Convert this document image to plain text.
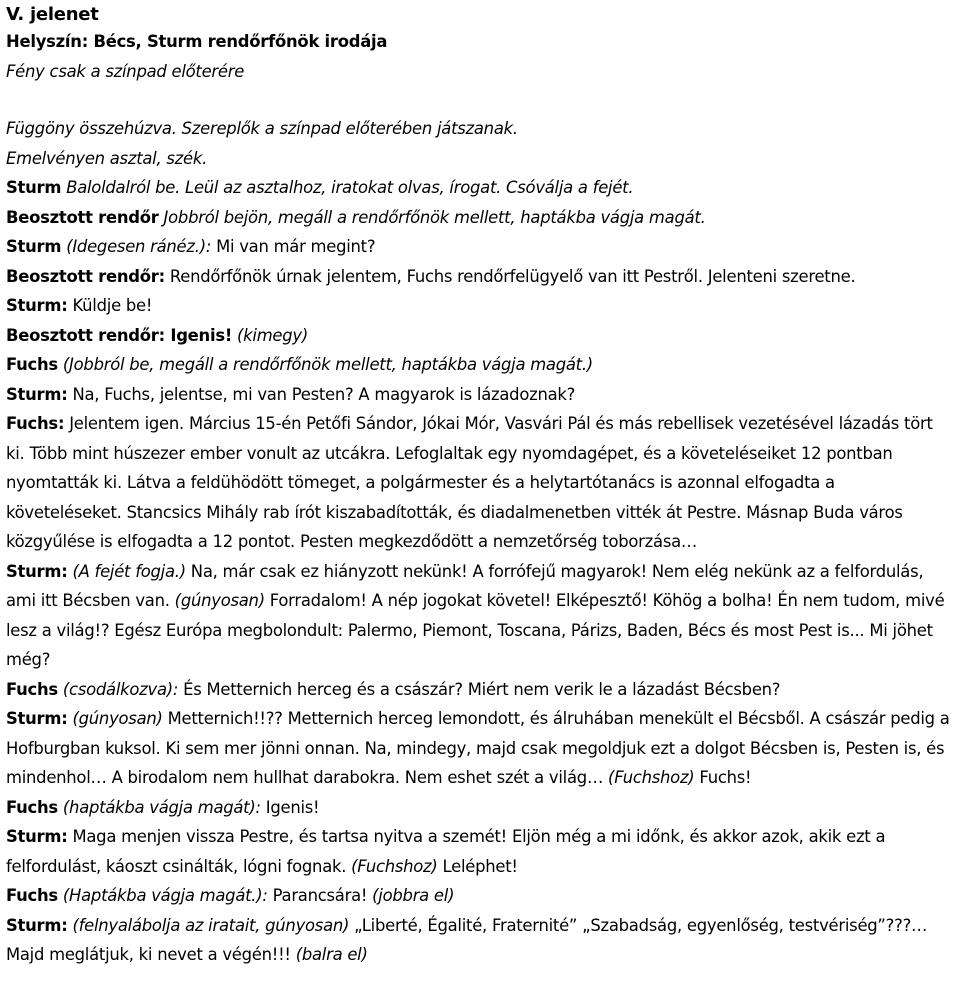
V. jelenet
Helyszín: Bécs, Sturm rendőrfőnök irodája
Fény csak a színpad előterére
Függöny összehúzva. Szereplők a színpad előterében játszanak.
Emelvényen asztal, szék.
Sturm Baloldalról be. Leül az asztalhoz, iratokat olvas, írogat. Csóválja a fejét.
Beosztott rendőr Jobbról bejön, megáll a rendőrfőnök mellett, haptákba vágja magát.
Sturm (Idegesen ránéz.): Mi van már megint?
Beosztott rendőr: Rendőrfőnök úrnak jelentem, Fuchs rendőrfelügyelő van itt Pestről. Jelenteni szeretne.
Sturm: Küldje be!
Beosztott rendőr: Igenis! (kimegy)
Fuchs (Jobbról be, megáll a rendőrfőnök mellett, haptákba vágja magát.)
Sturm: Na, Fuchs, jelentse, mi van Pesten? A magyarok is lázadoznak?
Fuchs: Jelentem igen. Március 15-én Petőfi Sándor, Jókai Mór, Vasvári Pál és más rebellisek vezetésével lázadás tört ki. Több mint húszezer ember vonult az utcákra. Lefoglaltak egy nyomdagépet, és a követeléseiket 12 pontban nyomtatták ki. Látva a feldühödött tömeget, a polgármester és a helytartótanács is azonnal elfogadta a követeléseket. Stancsics Mihály rab írót kiszabadították, és diadalmenetben vitték át Pestre. Másnap Buda város közgyűlése is elfogadta a 12 pontot. Pesten megkezdődött a nemzetőrség toborzása…
Sturm: (A fejét fogja.) Na, már csak ez hiányzott nekünk! A forrófejű magyarok! Nem elég nekünk az a felfordulás, ami itt Bécsben van. (gúnyosan) Forradalom! A nép jogokat követel! Elképesztő! Köhög a bolha! Én nem tudom, mivé lesz a világ!? Egész Európa megbolondult: Palermo, Piemont, Toscana, Párizs, Baden, Bécs és most Pest is... Mi jöhet még?
Fuchs (csodálkozva): És Metternich herceg és a császár? Miért nem verik le a lázadást Bécsben?
Sturm: (gúnyosan) Metternich!!?? Metternich herceg lemondott, és álruhában menekült el Bécsből. A császár pedig a Hofburgban kuksol. Ki sem mer jönni onnan. Na, mindegy, majd csak megoldjuk ezt a dolgot Bécsben is, Pesten is, és mindenhol… A birodalom nem hullhat darabokra. Nem eshet szét a világ… (Fuchshoz) Fuchs!
Fuchs (haptákba vágja magát): Igenis!
Sturm: Maga menjen vissza Pestre, és tartsa nyitva a szemét! Eljön még a mi időnk, és akkor azok, akik ezt a felfordulást, káoszt csinálták, lógni fognak. (Fuchshoz) Leléphet!
Fuchs (Haptákba vágja magát.): Parancsára! (jobbra el)
Sturm: (felnyalábolja az iratait, gúnyosan) „Liberté, Égalité, Fraternité” „Szabadság, egyenlőség, testvériség”???… Majd meglátjuk, ki nevet a végén!!! (balra el)
